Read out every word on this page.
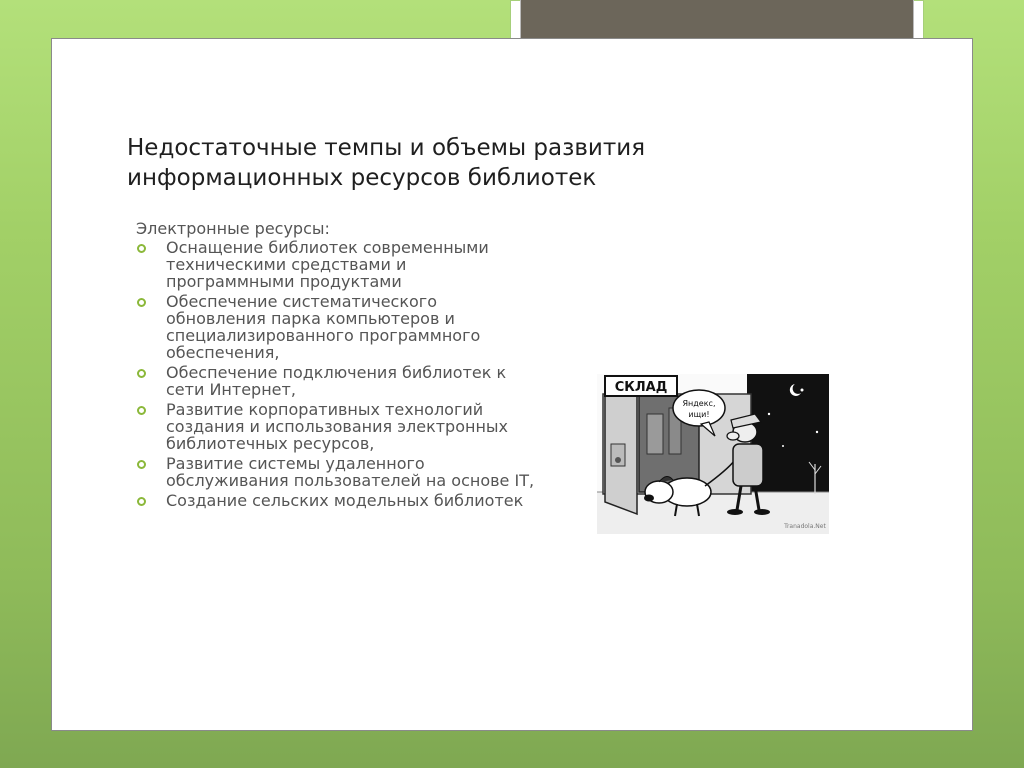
Недостаточные темпы и объемы развития
информационных ресурсов библиотек
Электронные ресурсы:
Оснащение библиотек современными техническими средствами и программными продуктами
Обеспечение систематического обновления парка компьютеров и специализированного программного обеспечения,
Обеспечение подключения библиотек к сети Интернет,
Развитие корпоративных технологий создания и использования электронных библиотечных ресурсов,
Развитие системы удаленного обслуживания пользователей на основе IT,
Создание сельских модельных библиотек
СКЛАД
Яндекс,
ищи!
Tranadola.Net
